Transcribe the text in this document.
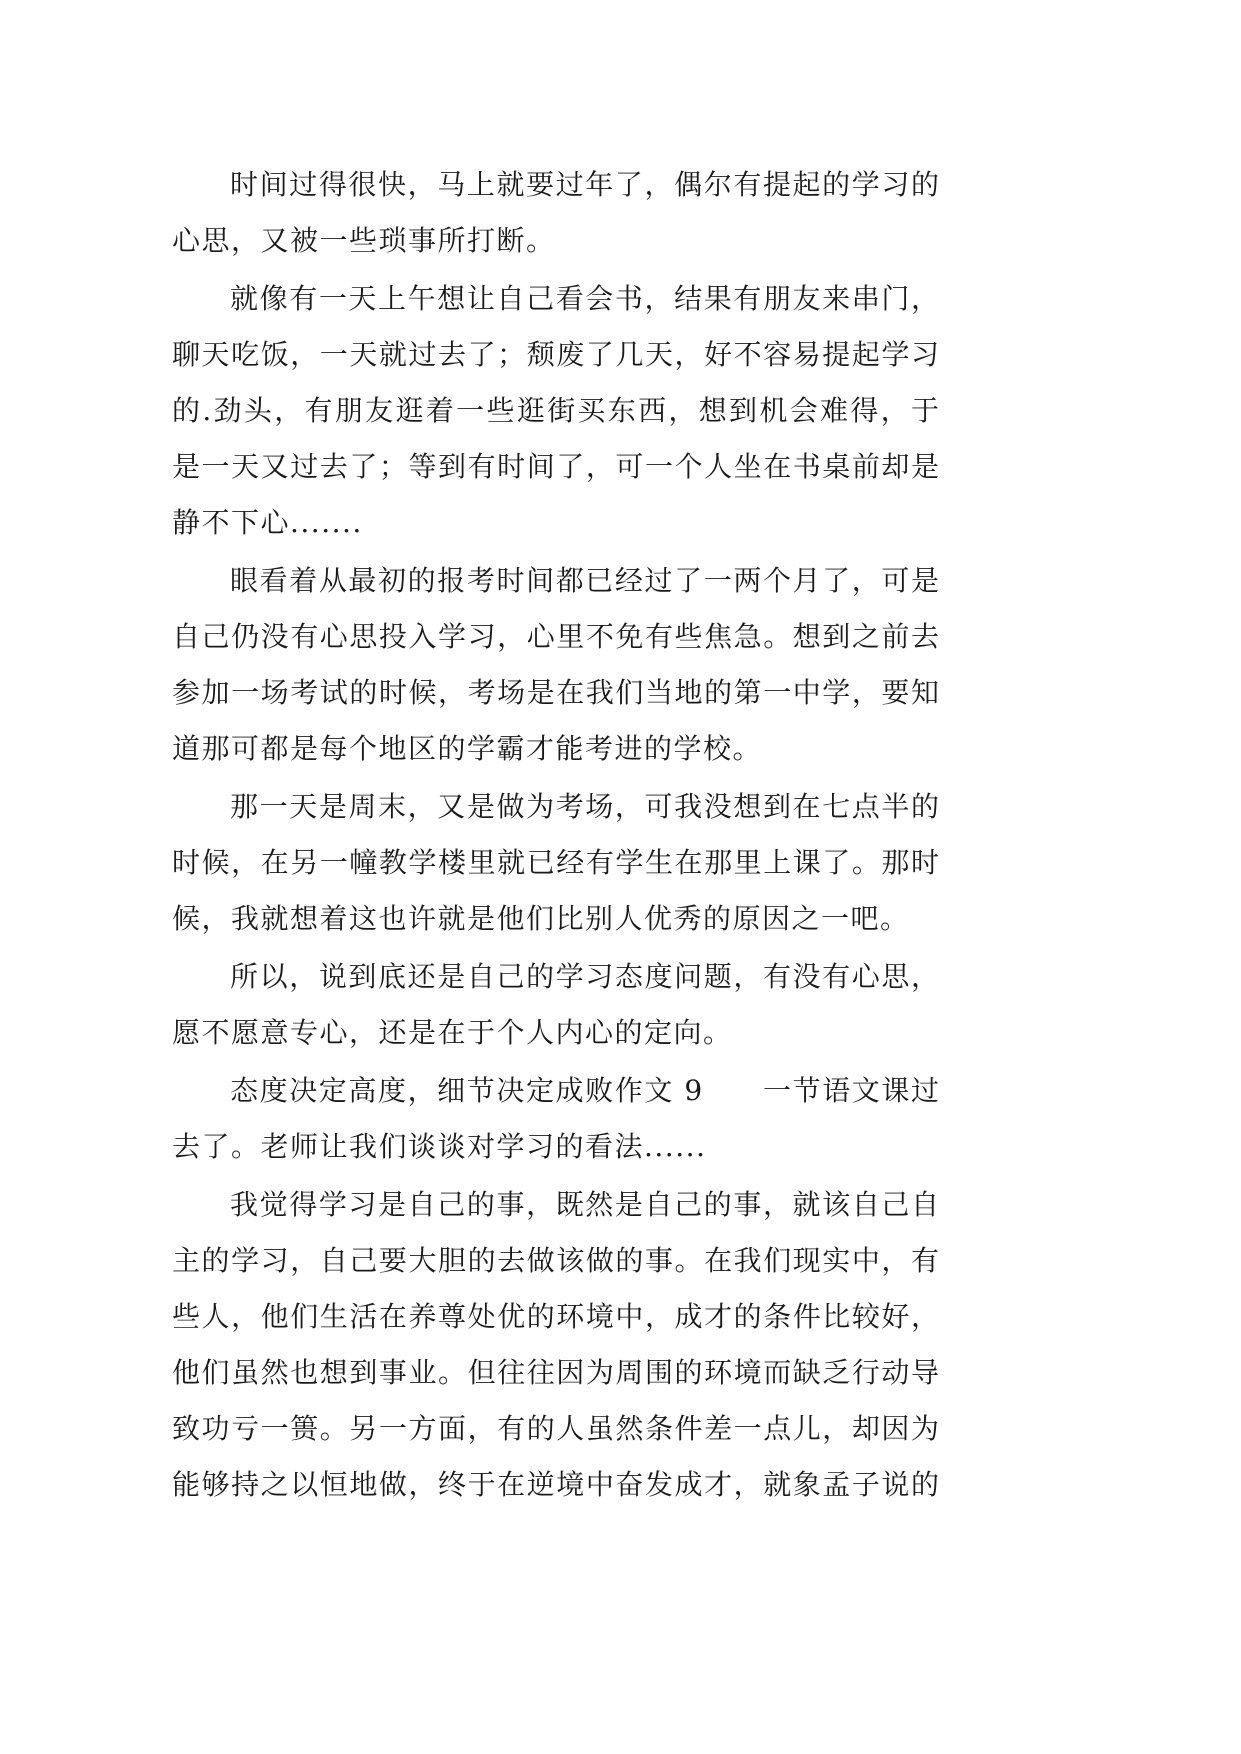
时间过得很快，马上就要过年了，偶尔有提起的学习的
心思，又被一些琐事所打断。
就像有一天上午想让自己看会书，结果有朋友来串门，
聊天吃饭，一天就过去了；颓废了几天，好不容易提起学习
的.劲头，有朋友逛着一些逛街买东西，想到机会难得，于
是一天又过去了；等到有时间了，可一个人坐在书桌前却是
静不下心.......
眼看着从最初的报考时间都已经过了一两个月了，可是
自己仍没有心思投入学习，心里不免有些焦急。想到之前去
参加一场考试的时候，考场是在我们当地的第一中学，要知
道那可都是每个地区的学霸才能考进的学校。
那一天是周末，又是做为考场，可我没想到在七点半的
时候，在另一幢教学楼里就已经有学生在那里上课了。那时
候，我就想着这也许就是他们比别人优秀的原因之一吧。
所以，说到底还是自己的学习态度问题，有没有心思，
愿不愿意专心，还是在于个人内心的定向。
态度决定高度，细节决定成败作文 9　　一节语文课过
去了。老师让我们谈谈对学习的看法......
我觉得学习是自己的事，既然是自己的事，就该自己自
主的学习，自己要大胆的去做该做的事。在我们现实中，有
些人，他们生活在养尊处优的环境中，成才的条件比较好，
他们虽然也想到事业。但往往因为周围的环境而缺乏行动导
致功亏一篑。另一方面，有的人虽然条件差一点儿，却因为
能够持之以恒地做，终于在逆境中奋发成才，就象孟子说的
